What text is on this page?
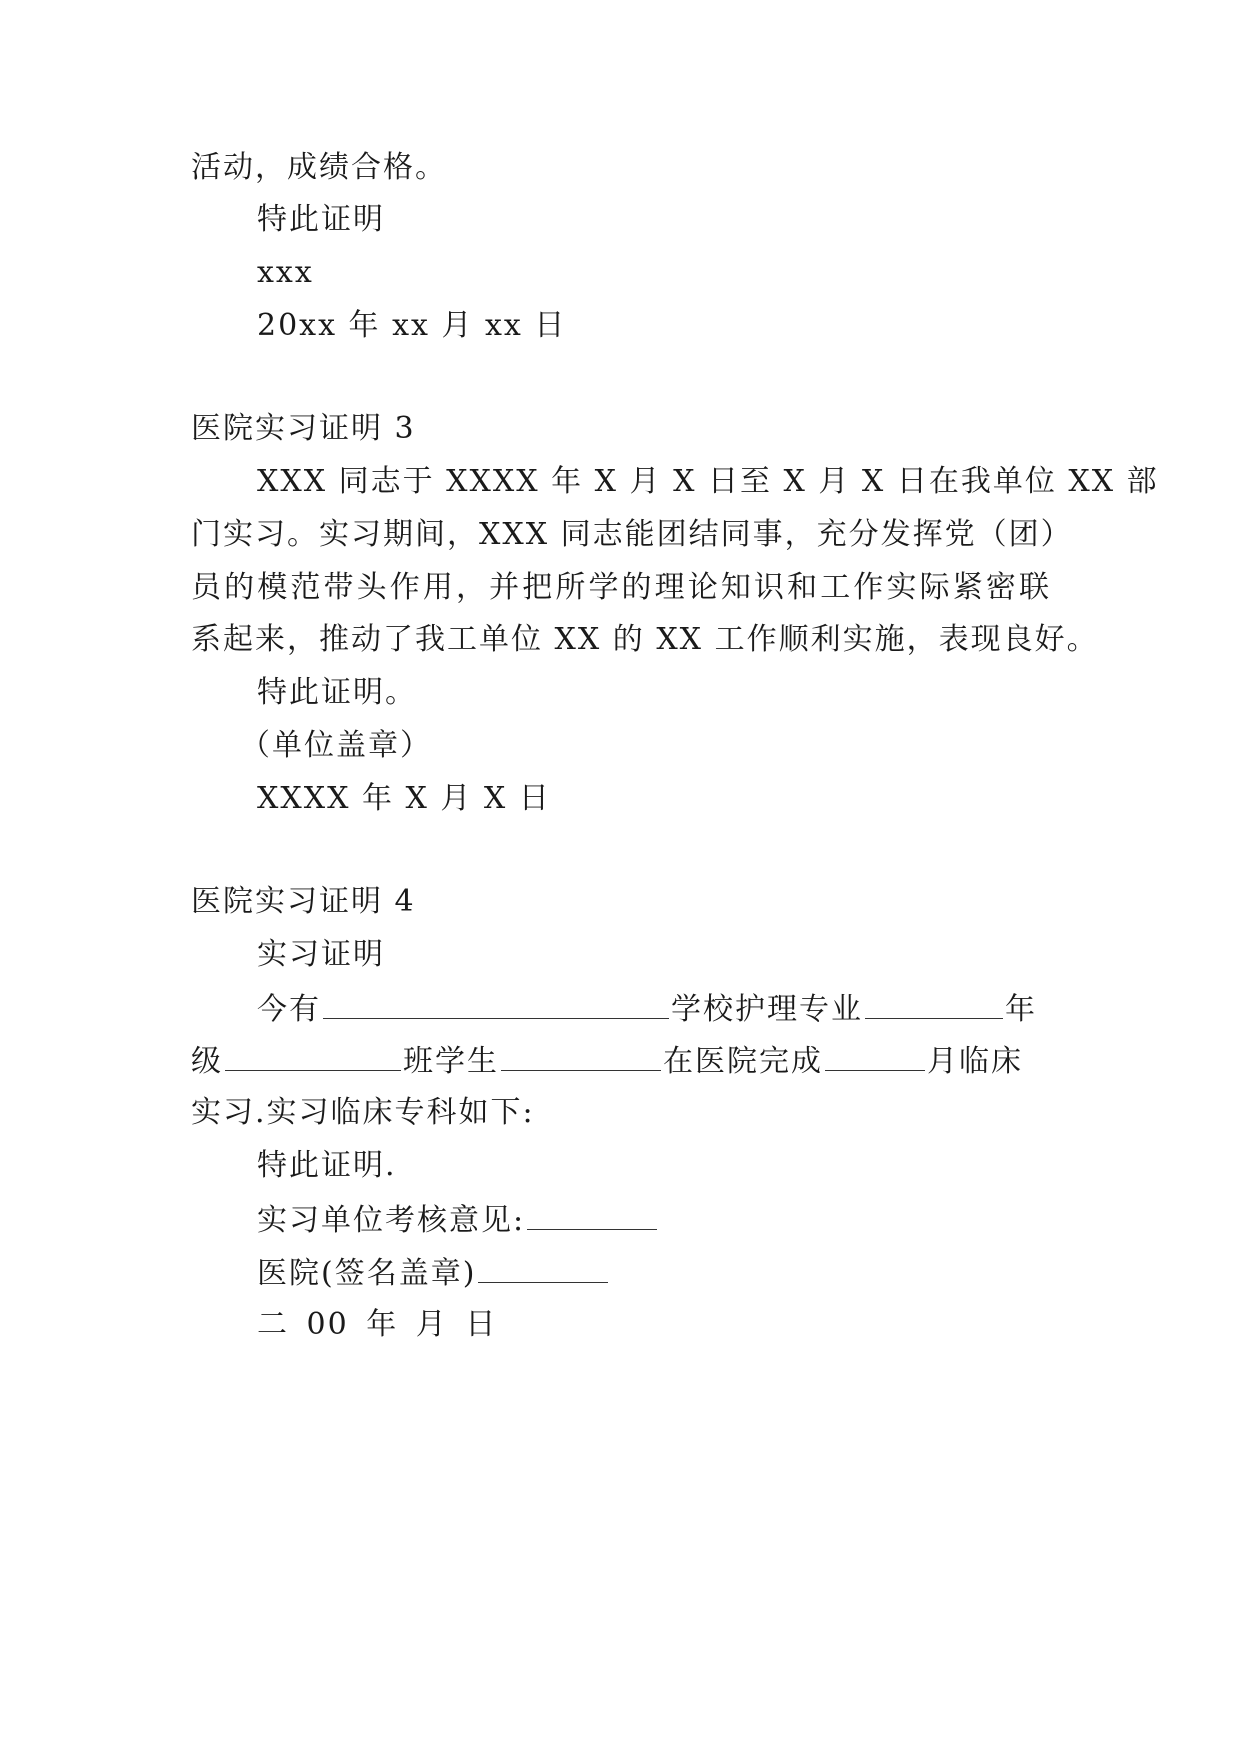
活动，成绩合格。
特此证明
xxx
20xx 年 xx 月 xx 日
医院实习证明 3
XXX 同志于 XXXX 年 X 月 X 日至 X 月 X 日在我单位 XX 部
门实习。实习期间，XXX 同志能团结同事，充分发挥党（团）
员的模范带头作用，并把所学的理论知识和工作实际紧密联
系起来，推动了我工单位 XX 的 XX 工作顺利实施，表现良好。
特此证明。
（单位盖章）
XXXX 年 X 月 X 日
医院实习证明 4
实习证明
今有	学校护理专业	年
级	班学生	在医院完成	月临床
实习.实习临床专科如下:
特此证明.
实习单位考核意见:
医院(签名盖章)
二 00 年 月 日
